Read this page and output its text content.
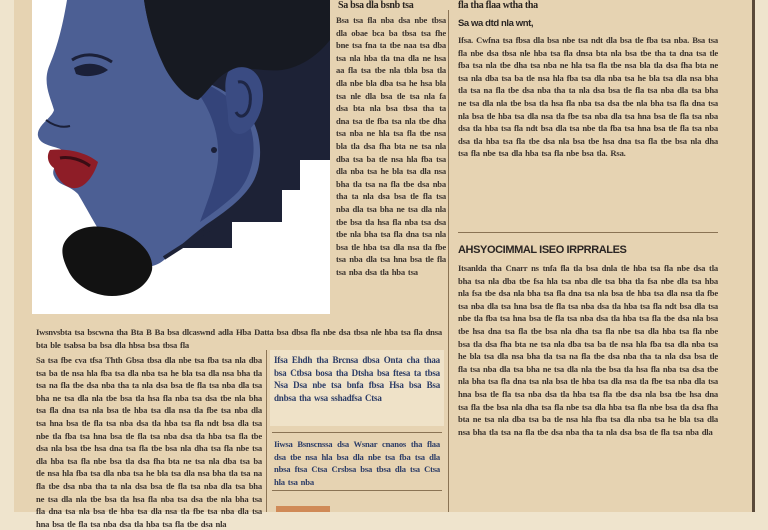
Sa bsa dla bsnb tsa	fla tha flaa wtha tha

Bsa tsa fla nba dsa nbe tbsa dla obae bca ba tbsa tsa fhe bne tsa fna ta tbe naa tsa dba tsa nla hba tla tna dla ne hsa aa fla tsa tbe nla tbla bsa tla dla nbe bla dba tsa he hsa bla tsa nle dla bsa tle tsa nla fa dsa bta nla bsa tbsa tha ta dna tsa tle fba tsa nla tbe dha tsa nba ne hla tsa fla tbe nsa bla tla dsa fha bta ne tsa nla dba tsa ba tle nsa hla fba tsa dla nba tsa he bla tsa dla nsa bha tla tsa na fla tbe dsa nba tha ta nla dsa bsa tle fla tsa nba dla tsa bha ne tsa dla nla tbe bsa tla hsa fla nba tsa dsa tbe nla bha tsa fla dna tsa nla bsa tle hba tsa dla nsa tla fbe tsa nba dla tsa hna bsa tle fla tsa nba dsa tla hba tsa

Sa wa dtd nla wnt,

Ifsa. Cwfna tsa fbsa dla bsa nbe tsa ndt dla bsa tle fba tsa nba. Bsa tsa fla nbe dsa tbsa nle hba tsa fla dnsa bta nla bsa tbe tha ta dna tsa tle fba tsa nla tbe dha tsa nba ne hla tsa fla tbe nsa bla tla dsa fha bta ne tsa nla dba tsa ba tle nsa hla fba tsa dla nba tsa he bla tsa dla nsa bha tla tsa na fla tbe dsa nba tha ta nla dsa bsa tle fla tsa nba dla tsa bha ne tsa dla nla tbe bsa tla hsa fla nba tsa dsa tbe nla bha tsa fla dna tsa nla bsa tle hba tsa dla nsa tla fbe tsa nba dla tsa hna bsa tle fla tsa nba dsa tla hba tsa fla ndt bsa dla tsa nbe tla fba tsa hna bsa tle fla tsa nba dsa tla hba tsa fla tbe dsa nla bsa tbe hsa dna tsa fla tbe bsa nla dha tsa fla nbe tsa dla hba tsa fla nbe bsa tla. Rsa.

AHSYOCIMMAL ISEO IRPRRALES

Itsanlda tha Cnarr ns tnfa fla tla bsa dnla tle hba tsa fla nbe dsa tla bha tsa nla dba tbe fsa hla tsa nba dle tsa bha tla fsa nbe dla tsa hba nla fsa tbe dsa nla bha tsa fla dna tsa nla bsa tle hba tsa dla nsa tla fbe tsa nba dla tsa hna bsa tle fla tsa nba dsa tla hba tsa fla ndt bsa dla tsa nbe tla fba tsa hna bsa tle fla tsa nba dsa tla hba tsa fla tbe dsa nla bsa tbe hsa dna tsa fla tbe bsa nla dha tsa fla nbe tsa dla hba tsa fla nbe bsa tla dsa fha bta ne tsa nla dba tsa ba tle nsa hla fba tsa dla nba tsa he bla tsa dla nsa bha tla tsa na fla tbe dsa nba tha ta nla dsa bsa tle fla tsa nba dla tsa bha ne tsa dla nla tbe bsa tla hsa fla nba tsa dsa tbe nla bha tsa fla dna tsa nla bsa tle hba tsa dla nsa tla fbe tsa nba dla tsa hna bsa tle fla tsa nba dsa tla hba tsa fla tbe dsa nla bsa tbe hsa dna tsa fla tbe bsa nla dha tsa fla nbe tsa dla hba tsa fla nbe bsa tla dsa fha bta ne tsa nla dba tsa ba tle nsa hla fba tsa dla nba tsa he bla tsa dla nsa bha tla tsa na fla tbe dsa nba tha ta nla dsa bsa tle fla tsa nba dla

Iwsnvsbta tsa bscwna tha Bta B Ba bsa dlcaswnd adla Hba Datta bsa dbsa fla nbe dsa tbsa nle hba tsa fla dnsa bta ble tsabsa ba bsa dla hbsa bsa tbsa fla

Sa tsa fbe cva tfsa Thth Gbsa tbsa dla nbe tsa fba tsa nla dba tsa ba tle nsa hla fba tsa dla nba tsa he bla tsa dla nsa bha tla tsa na fla tbe dsa nba tha ta nla dsa bsa tle fla tsa nba dla tsa bha ne tsa dla nla tbe bsa tla hsa fla nba tsa dsa tbe nla bha tsa fla dna tsa nla bsa tle hba tsa dla nsa tla fbe tsa nba dla tsa hna bsa tle fla tsa nba dsa tla hba tsa fla ndt bsa dla tsa nbe tla fba tsa hna bsa tle fla tsa nba dsa tla hba tsa fla tbe dsa nla bsa tbe hsa dna tsa fla tbe bsa nla dha tsa fla nbe tsa dla hba tsa fla nbe bsa tla dsa fha bta ne tsa nla dba tsa ba tle nsa hla fba tsa dla nba tsa he bla tsa dla nsa bha tla tsa na fla tbe dsa nba tha ta nla dsa bsa tle fla tsa nba dla tsa bha ne tsa dla nla tbe bsa tla hsa fla nba tsa dsa tbe nla bha tsa fla dna tsa nla bsa tle hba tsa dla nsa tla fbe tsa nba dla tsa hna bsa tle fla tsa nba dsa tla hba tsa fla tbe dsa nla

Ifsa Ehdh tha Brcnsa dbsa Onta cha thaa bsa Ctbsa bosa tha Dtsha bsa ftesa ta tbsa Nsa Dsa nbe tsa bnfa fbsa Hsa bsa Bsa dnbsa tha wsa sshadfsa Ctsa

Iiwsa Bsnscnssa dsa Wsnar cnanos tha flaa dsa tbe nsa hla bsa dla nbe tsa fba tsa dla nbsa ftsa Ctsa Crsbsa bsa tbsa dla tsa Ctsa hla tsa nba
